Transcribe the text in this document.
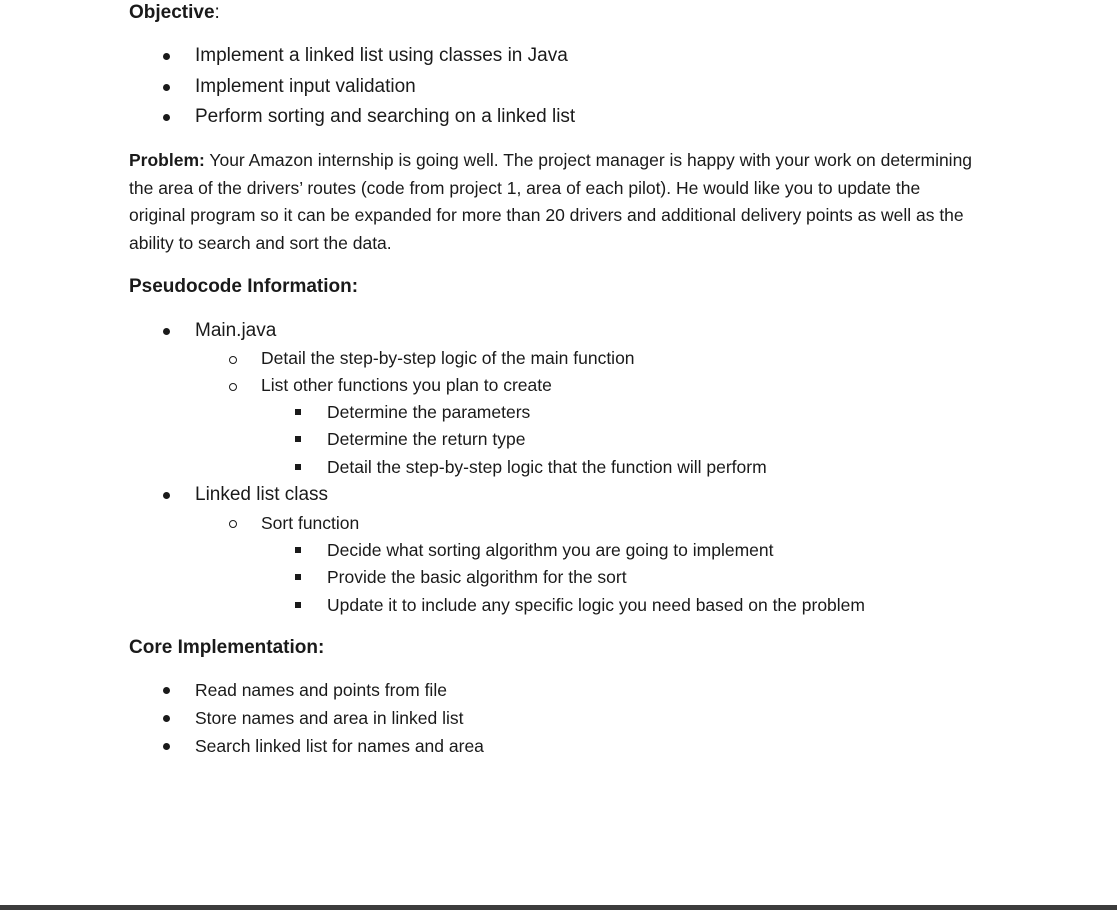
Objective:
Implement a linked list using classes in Java
Implement input validation
Perform sorting and searching on a linked list
Problem: Your Amazon internship is going well. The project manager is happy with your work on determining the area of the drivers’ routes (code from project 1, area of each pilot). He would like you to update the original program so it can be expanded for more than 20 drivers and additional delivery points as well as the ability to search and sort the data.
Pseudocode Information:
Main.java
Detail the step-by-step logic of the main function
List other functions you plan to create
Determine the parameters
Determine the return type
Detail the step-by-step logic that the function will perform
Linked list class
Sort function
Decide what sorting algorithm you are going to implement
Provide the basic algorithm for the sort
Update it to include any specific logic you need based on the problem
Core Implementation:
Read names and points from file
Store names and area in linked list
Search linked list for names and area
